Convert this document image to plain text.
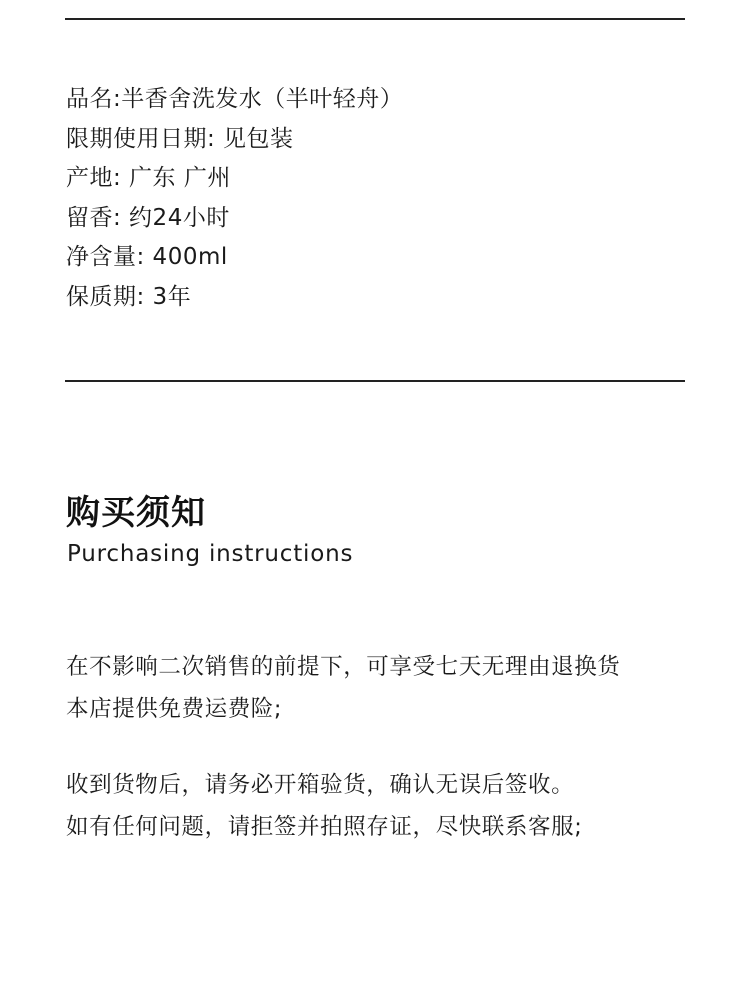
品名:半香舍洗发水（半叶轻舟）
限期使用日期: 见包装
产地: 广东 广州
留香: 约24小时
净含量: 400ml
保质期: 3年
购买须知
Purchasing instructions

在不影响二次销售的前提下，可享受七天无理由退换货

本店提供免费运费险;

收到货物后，请务必开箱验货，确认无误后签收。

如有任何问题，请拒签并拍照存证，尽快联系客服;
